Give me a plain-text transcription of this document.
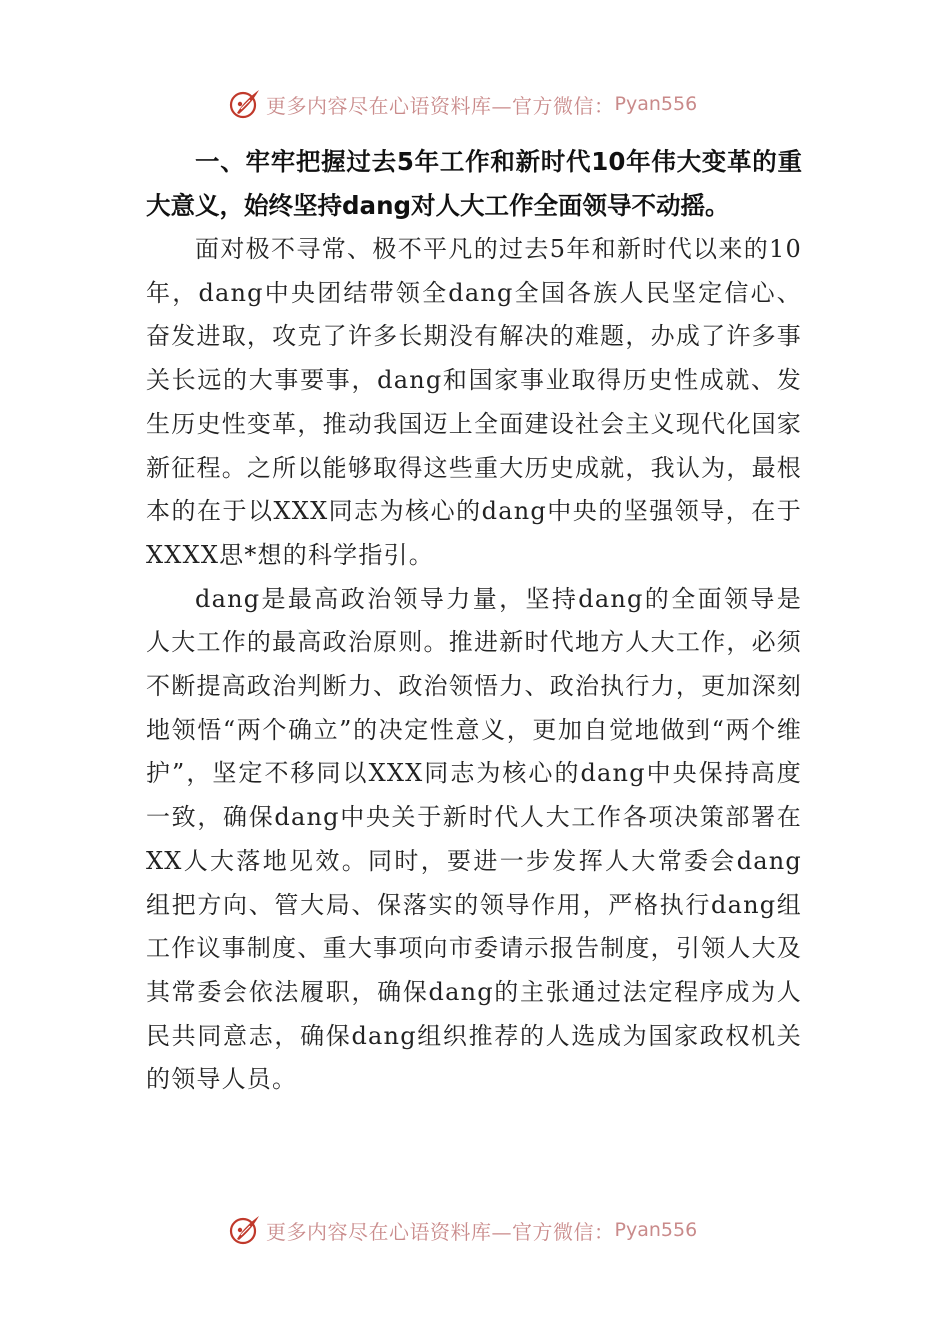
更多内容尽在心语资料库—官方微信： Pyan556

一、牢牢把握过去5年工作和新时代10年伟大变革的重大意义，始终坚持dang对人大工作全面领导不动摇。

面对极不寻常、极不平凡的过去5年和新时代以来的10年，dang中央团结带领全dang全国各族人民坚定信心、奋发进取，攻克了许多长期没有解决的难题，办成了许多事关长远的大事要事，dang和国家事业取得历史性成就、发生历史性变革，推动我国迈上全面建设社会主义现代化国家新征程。之所以能够取得这些重大历史成就，我认为，最根本的在于以XXX同志为核心的dang中央的坚强领导，在于XXXX思*想的科学指引。

dang是最高政治领导力量，坚持dang的全面领导是人大工作的最高政治原则。推进新时代地方人大工作，必须不断提高政治判断力、政治领悟力、政治执行力，更加深刻地领悟“两个确立”的决定性意义，更加自觉地做到“两个维护”，坚定不移同以XXX同志为核心的dang中央保持高度一致，确保dang中央关于新时代人大工作各项决策部署在XX人大落地见效。同时，要进一步发挥人大常委会dang组把方向、管大局、保落实的领导作用，严格执行dang组工作议事制度、重大事项向市委请示报告制度，引领人大及其常委会依法履职，确保dang的主张通过法定程序成为人民共同意志，确保dang组织推荐的人选成为国家政权机关的领导人员。

更多内容尽在心语资料库—官方微信： Pyan556
